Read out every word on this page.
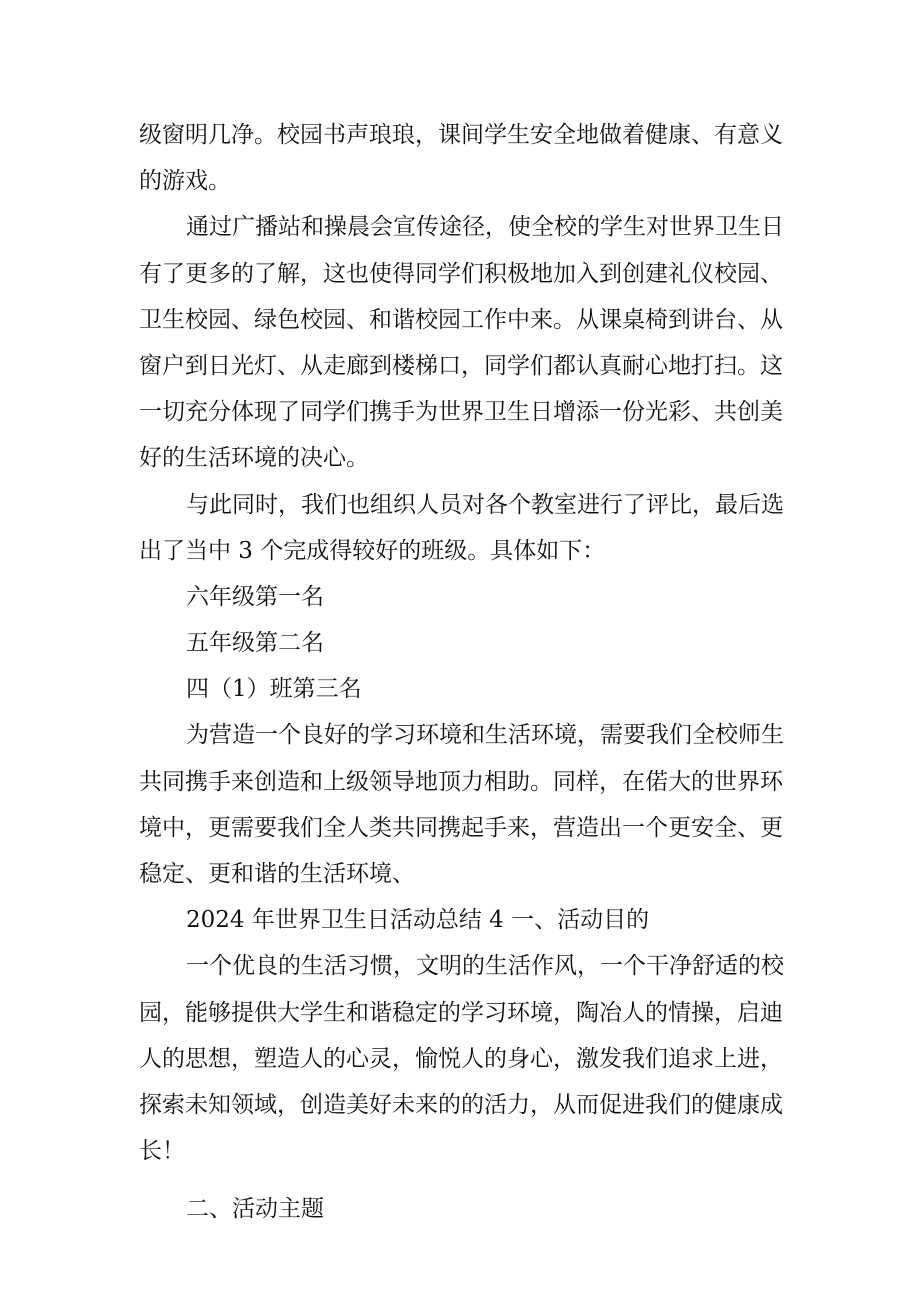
级窗明几净。校园书声琅琅，课间学生安全地做着健康、有意义
的游戏。
通过广播站和操晨会宣传途径，使全校的学生对世界卫生日
有了更多的了解，这也使得同学们积极地加入到创建礼仪校园、
卫生校园、绿色校园、和谐校园工作中来。从课桌椅到讲台、从
窗户到日光灯、从走廊到楼梯口，同学们都认真耐心地打扫。这
一切充分体现了同学们携手为世界卫生日增添一份光彩、共创美
好的生活环境的决心。
与此同时，我们也组织人员对各个教室进行了评比，最后选
出了当中 3 个完成得较好的班级。具体如下：
六年级第一名
五年级第二名
四（1）班第三名
为营造一个良好的学习环境和生活环境，需要我们全校师生
共同携手来创造和上级领导地顶力相助。同样，在偌大的世界环
境中，更需要我们全人类共同携起手来，营造出一个更安全、更
稳定、更和谐的生活环境、
2024 年世界卫生日活动总结 4 一、活动目的
一个优良的生活习惯，文明的生活作风，一个干净舒适的校
园，能够提供大学生和谐稳定的学习环境，陶冶人的情操，启迪
人的思想，塑造人的心灵，愉悦人的身心，激发我们追求上进，
探索未知领域，创造美好未来的的活力，从而促进我们的健康成
长！
二、活动主题
